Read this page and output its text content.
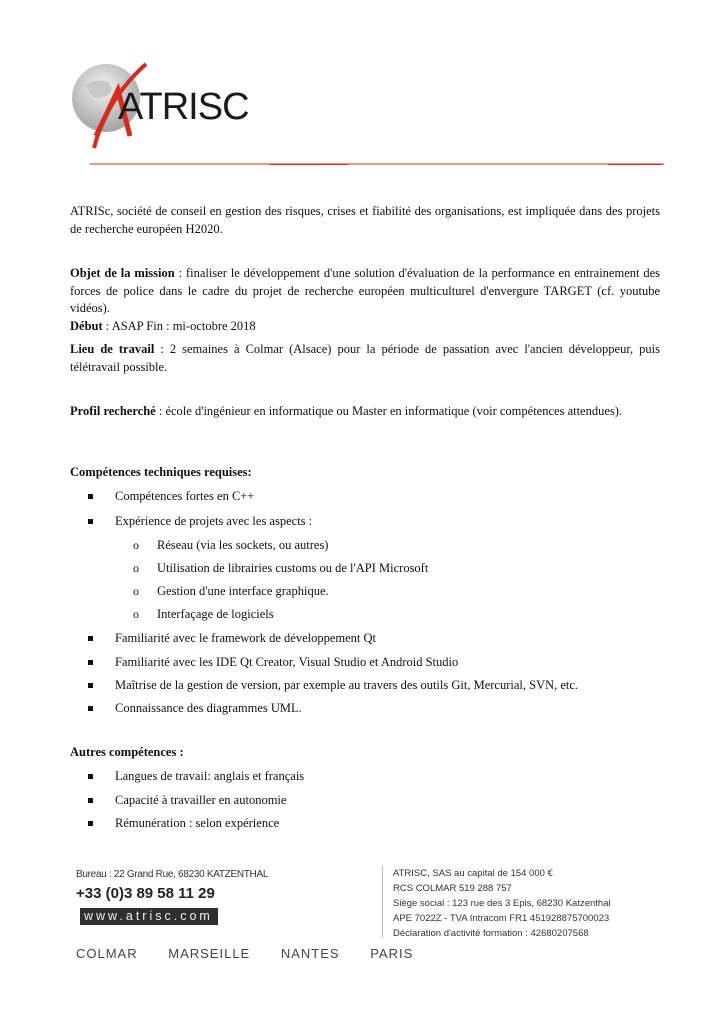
ATRISC
ATRISc, société de conseil en gestion des risques, crises et fiabilité des organisations, est impliquée dans des projets de recherche européen H2020.
Objet de la mission : finaliser le développement d'une solution d'évaluation de la performance en entrainement des forces de police dans le cadre du projet de recherche européen multiculturel d'envergure TARGET (cf. youtube vidéos).
Début : ASAP Fin : mi-octobre 2018
Lieu de travail : 2 semaines à Colmar (Alsace) pour la période de passation avec l'ancien développeur, puis télétravail possible.
Profil recherché : école d'ingénieur en informatique ou Master en informatique (voir compétences attendues).
Compétences techniques requises:
Compétences fortes en C++
Expérience de projets avec les aspects :
o Réseau (via les sockets, ou autres)
o Utilisation de librairies customs ou de l'API Microsoft
o Gestion d'une interface graphique.
o Interfaçage de logiciels
Familiarité avec le framework de développement Qt
Familiarité avec les IDE Qt Creator, Visual Studio et Android Studio
Maîtrise de la gestion de version, par exemple au travers des outils Git, Mercurial, SVN, etc.
Connaissance des diagrammes UML.
Autres compétences :
Langues de travail: anglais et français
Capacité à travailler en autonomie
Rémunération : selon expérience
Bureau : 22 Grand Rue, 68230 KATZENTHAL
+33 (0)3 89 58 11 29
www.atrisc.com
COLMAR MARSEILLE NANTES PARIS
ATRISC, SAS au capital de 154 000 €
RCS COLMAR 519 288 757
Siège social : 123 rue des 3 Epis, 68230 Katzenthal
APE 7022Z - TVA Intracom FR1 451928875700023
Déclaration d'activité formation : 42680207568
